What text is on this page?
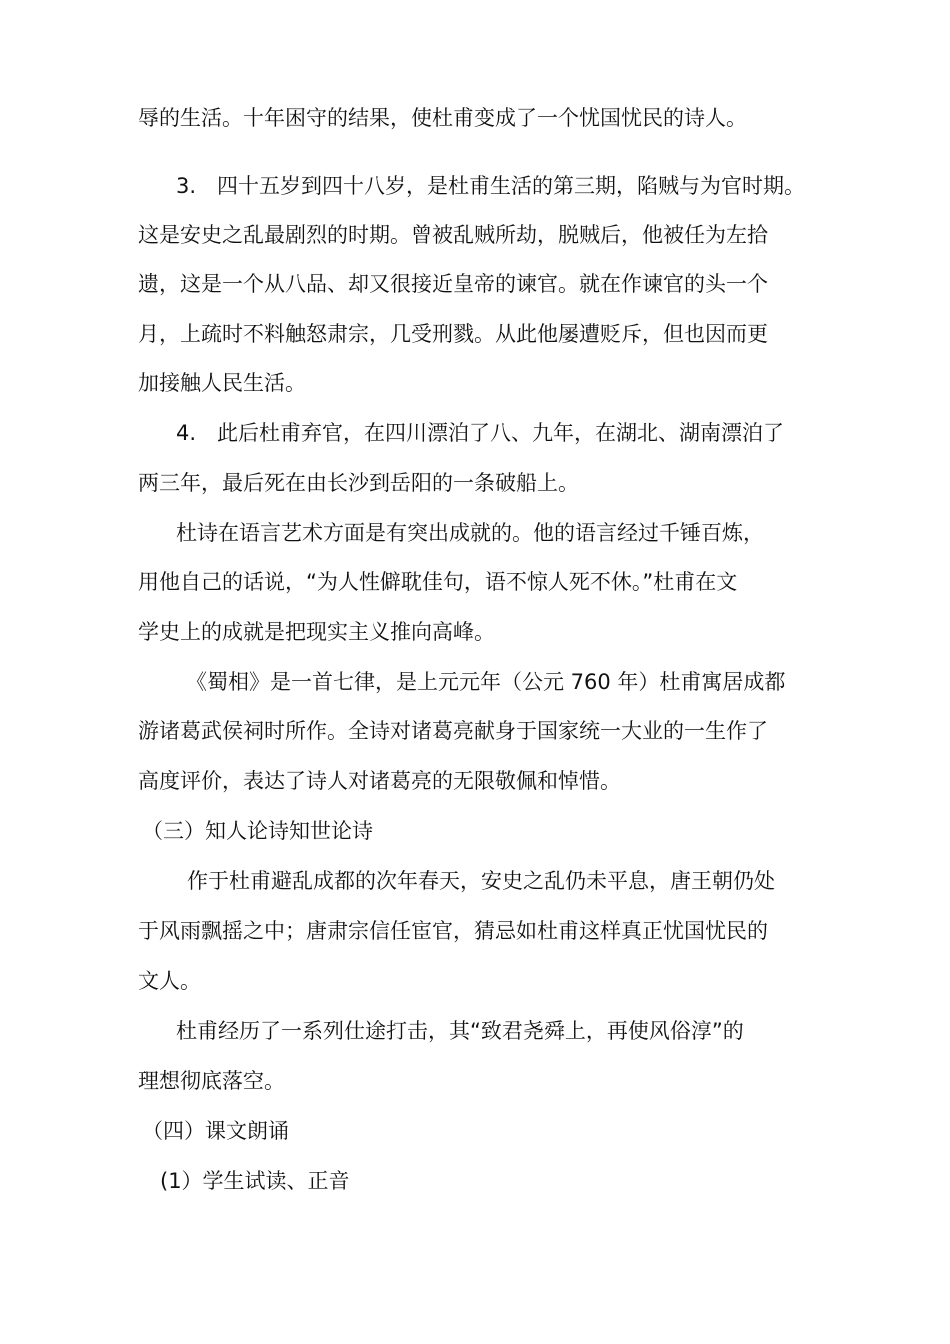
辱的生活。十年困守的结果，使杜甫变成了一个忧国忧民的诗人。
3.　四十五岁到四十八岁，是杜甫生活的第三期，陷贼与为官时期。
这是安史之乱最剧烈的时期。曾被乱贼所劫，脱贼后，他被任为左拾
遗，这是一个从八品、却又很接近皇帝的谏官。就在作谏官的头一个
月，上疏时不料触怒肃宗，几受刑戮。从此他屡遭贬斥，但也因而更
加接触人民生活。
4.　此后杜甫弃官，在四川漂泊了八、九年，在湖北、湖南漂泊了
两三年，最后死在由长沙到岳阳的一条破船上。
杜诗在语言艺术方面是有突出成就的。他的语言经过千锤百炼，
用他自己的话说，“为人性僻耽佳句，语不惊人死不休。”杜甫在文
学史上的成就是把现实主义推向高峰。
《蜀相》是一首七律，是上元元年（公元 760 年）杜甫寓居成都
游诸葛武侯祠时所作。全诗对诸葛亮献身于国家统一大业的一生作了
高度评价，表达了诗人对诸葛亮的无限敬佩和悼惜。
（三）知人论诗知世论诗
作于杜甫避乱成都的次年春天，安史之乱仍未平息，唐王朝仍处
于风雨飘摇之中；唐肃宗信任宦官，猜忌如杜甫这样真正忧国忧民的
文人。
杜甫经历了一系列仕途打击，其“致君尧舜上，再使风俗淳”的
理想彻底落空。
（四）课文朗诵
(1）学生试读、正音
